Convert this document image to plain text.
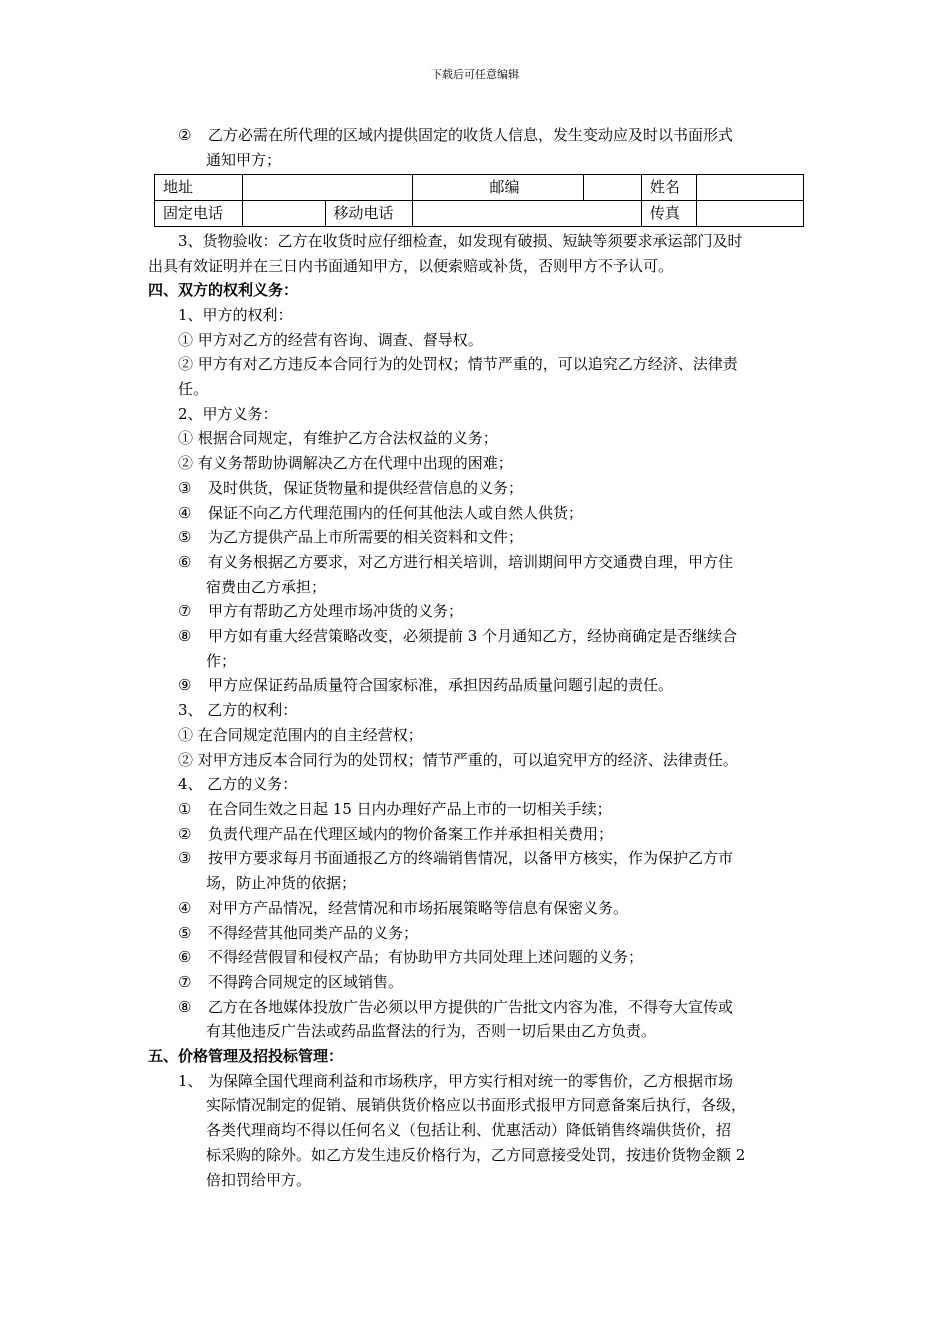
下载后可任意编辑
② 乙方必需在所代理的区域内提供固定的收货人信息，发生变动应及时以书面形式
通知甲方；
地址			邮编		姓名	
固定电话		移动电话			传真	
3、货物验收：乙方在收货时应仔细检查，如发现有破损、短缺等须要求承运部门及时
出具有效证明并在三日内书面通知甲方，以便索赔或补货，否则甲方不予认可。
四、双方的权利义务：
1、甲方的权利：
① 甲方对乙方的经营有咨询、调查、督导权。
② 甲方有对乙方违反本合同行为的处罚权；情节严重的，可以追究乙方经济、法律责
任。
2、甲方义务：
① 根据合同规定，有维护乙方合法权益的义务；
② 有义务帮助协调解决乙方在代理中出现的困难；
③ 及时供货，保证货物量和提供经营信息的义务；
④ 保证不向乙方代理范围内的任何其他法人或自然人供货；
⑤ 为乙方提供产品上市所需要的相关资料和文件；
⑥ 有义务根据乙方要求，对乙方进行相关培训，培训期间甲方交通费自理，甲方住
宿费由乙方承担；
⑦ 甲方有帮助乙方处理市场冲货的义务；
⑧ 甲方如有重大经营策略改变，必须提前 3 个月通知乙方，经协商确定是否继续合
作；
⑨ 甲方应保证药品质量符合国家标准，承担因药品质量问题引起的责任。
3、 乙方的权利：
① 在合同规定范围内的自主经营权；
② 对甲方违反本合同行为的处罚权；情节严重的，可以追究甲方的经济、法律责任。
4、 乙方的义务：
① 在合同生效之日起 15 日内办理好产品上市的一切相关手续；
② 负责代理产品在代理区域内的物价备案工作并承担相关费用；
③ 按甲方要求每月书面通报乙方的终端销售情况，以备甲方核实，作为保护乙方市
场，防止冲货的依据；
④ 对甲方产品情况，经营情况和市场拓展策略等信息有保密义务。
⑤ 不得经营其他同类产品的义务；
⑥ 不得经营假冒和侵权产品；有协助甲方共同处理上述问题的义务；
⑦ 不得跨合同规定的区域销售。
⑧ 乙方在各地媒体投放广告必须以甲方提供的广告批文内容为准，不得夸大宣传或
有其他违反广告法或药品监督法的行为，否则一切后果由乙方负责。
五、价格管理及招投标管理：
1、 为保障全国代理商利益和市场秩序，甲方实行相对统一的零售价，乙方根据市场
实际情况制定的促销、展销供货价格应以书面形式报甲方同意备案后执行，各级，
各类代理商均不得以任何名义（包括让利、优惠活动）降低销售终端供货价，招
标采购的除外。如乙方发生违反价格行为，乙方同意接受处罚，按违价货物金额 2
倍扣罚给甲方。
